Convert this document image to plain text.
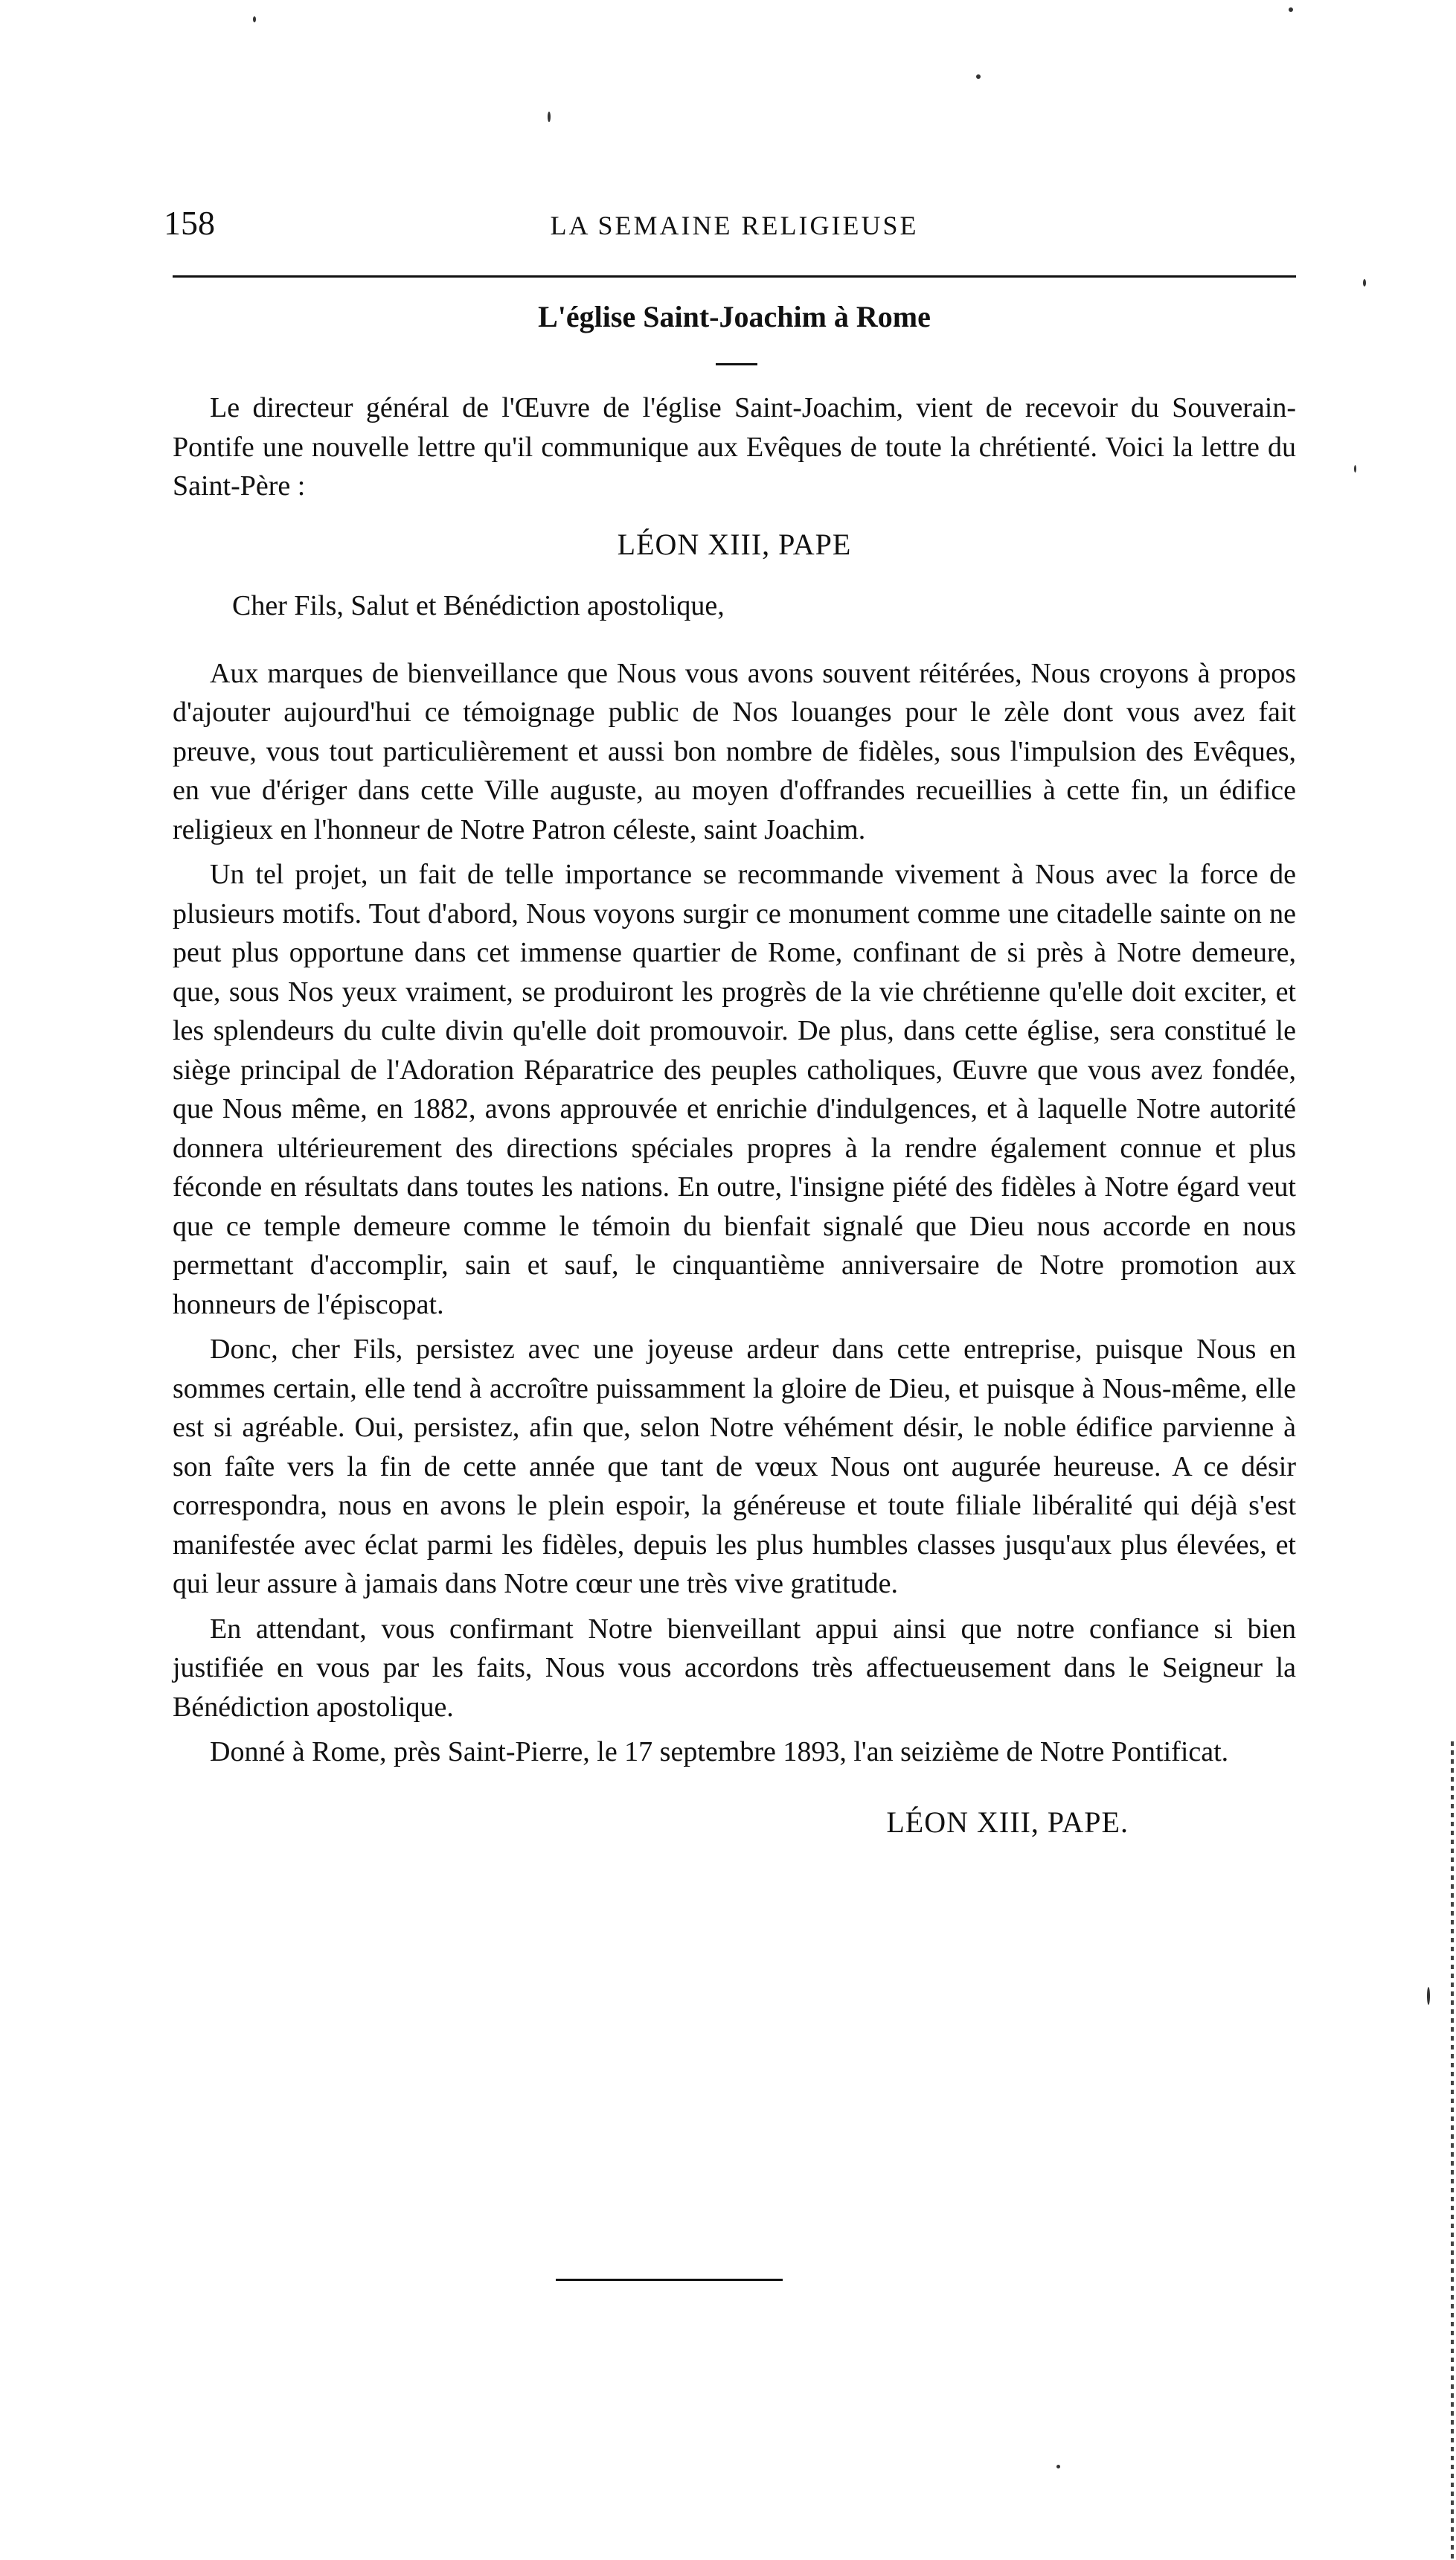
158	LA SEMAINE RELIGIEUSE
L'église Saint-Joachim à Rome

Le directeur général de l'Œuvre de l'église Saint-Joachim, vient de recevoir du Souverain-Pontife une nouvelle lettre qu'il communique aux Evêques de toute la chrétienté. Voici la lettre du Saint-Père :

LÉON XIII, PAPE

Cher Fils, Salut et Bénédiction apostolique,

Aux marques de bienveillance que Nous vous avons souvent réitérées, Nous croyons à propos d'ajouter aujourd'hui ce témoignage public de Nos louanges pour le zèle dont vous avez fait preuve, vous tout particulièrement et aussi bon nombre de fidèles, sous l'impulsion des Evêques, en vue d'ériger dans cette Ville auguste, au moyen d'offrandes recueillies à cette fin, un édifice religieux en l'honneur de Notre Patron céleste, saint Joachim.

Un tel projet, un fait de telle importance se recommande vivement à Nous avec la force de plusieurs motifs. Tout d'abord, Nous voyons surgir ce monument comme une citadelle sainte on ne peut plus opportune dans cet immense quartier de Rome, confinant de si près à Notre demeure, que, sous Nos yeux vraiment, se produiront les progrès de la vie chrétienne qu'elle doit exciter, et les splendeurs du culte divin qu'elle doit promouvoir. De plus, dans cette église, sera constitué le siège principal de l'Adoration Réparatrice des peuples catholiques, Œuvre que vous avez fondée, que Nous même, en 1882, avons approuvée et enrichie d'indulgences, et à laquelle Notre autorité donnera ultérieurement des directions spéciales propres à la rendre également connue et plus féconde en résultats dans toutes les nations. En outre, l'insigne piété des fidèles à Notre égard veut que ce temple demeure comme le témoin du bienfait signalé que Dieu nous accorde en nous permettant d'accomplir, sain et sauf, le cinquantième anniversaire de Notre promotion aux honneurs de l'épiscopat.

Donc, cher Fils, persistez avec une joyeuse ardeur dans cette entreprise, puisque Nous en sommes certain, elle tend à accroître puissamment la gloire de Dieu, et puisque à Nous-même, elle est si agréable. Oui, persistez, afin que, selon Notre véhément désir, le noble édifice parvienne à son faîte vers la fin de cette année que tant de vœux Nous ont augurée heureuse. A ce désir correspondra, nous en avons le plein espoir, la généreuse et toute filiale libéralité qui déjà s'est manifestée avec éclat parmi les fidèles, depuis les plus humbles classes jusqu'aux plus élevées, et qui leur assure à jamais dans Notre cœur une très vive gratitude.

En attendant, vous confirmant Notre bienveillant appui ainsi que notre confiance si bien justifiée en vous par les faits, Nous vous accordons très affectueusement dans le Seigneur la Bénédiction apostolique.

Donné à Rome, près Saint-Pierre, le 17 septembre 1893, l'an seizième de Notre Pontificat.

LÉON XIII, PAPE.
